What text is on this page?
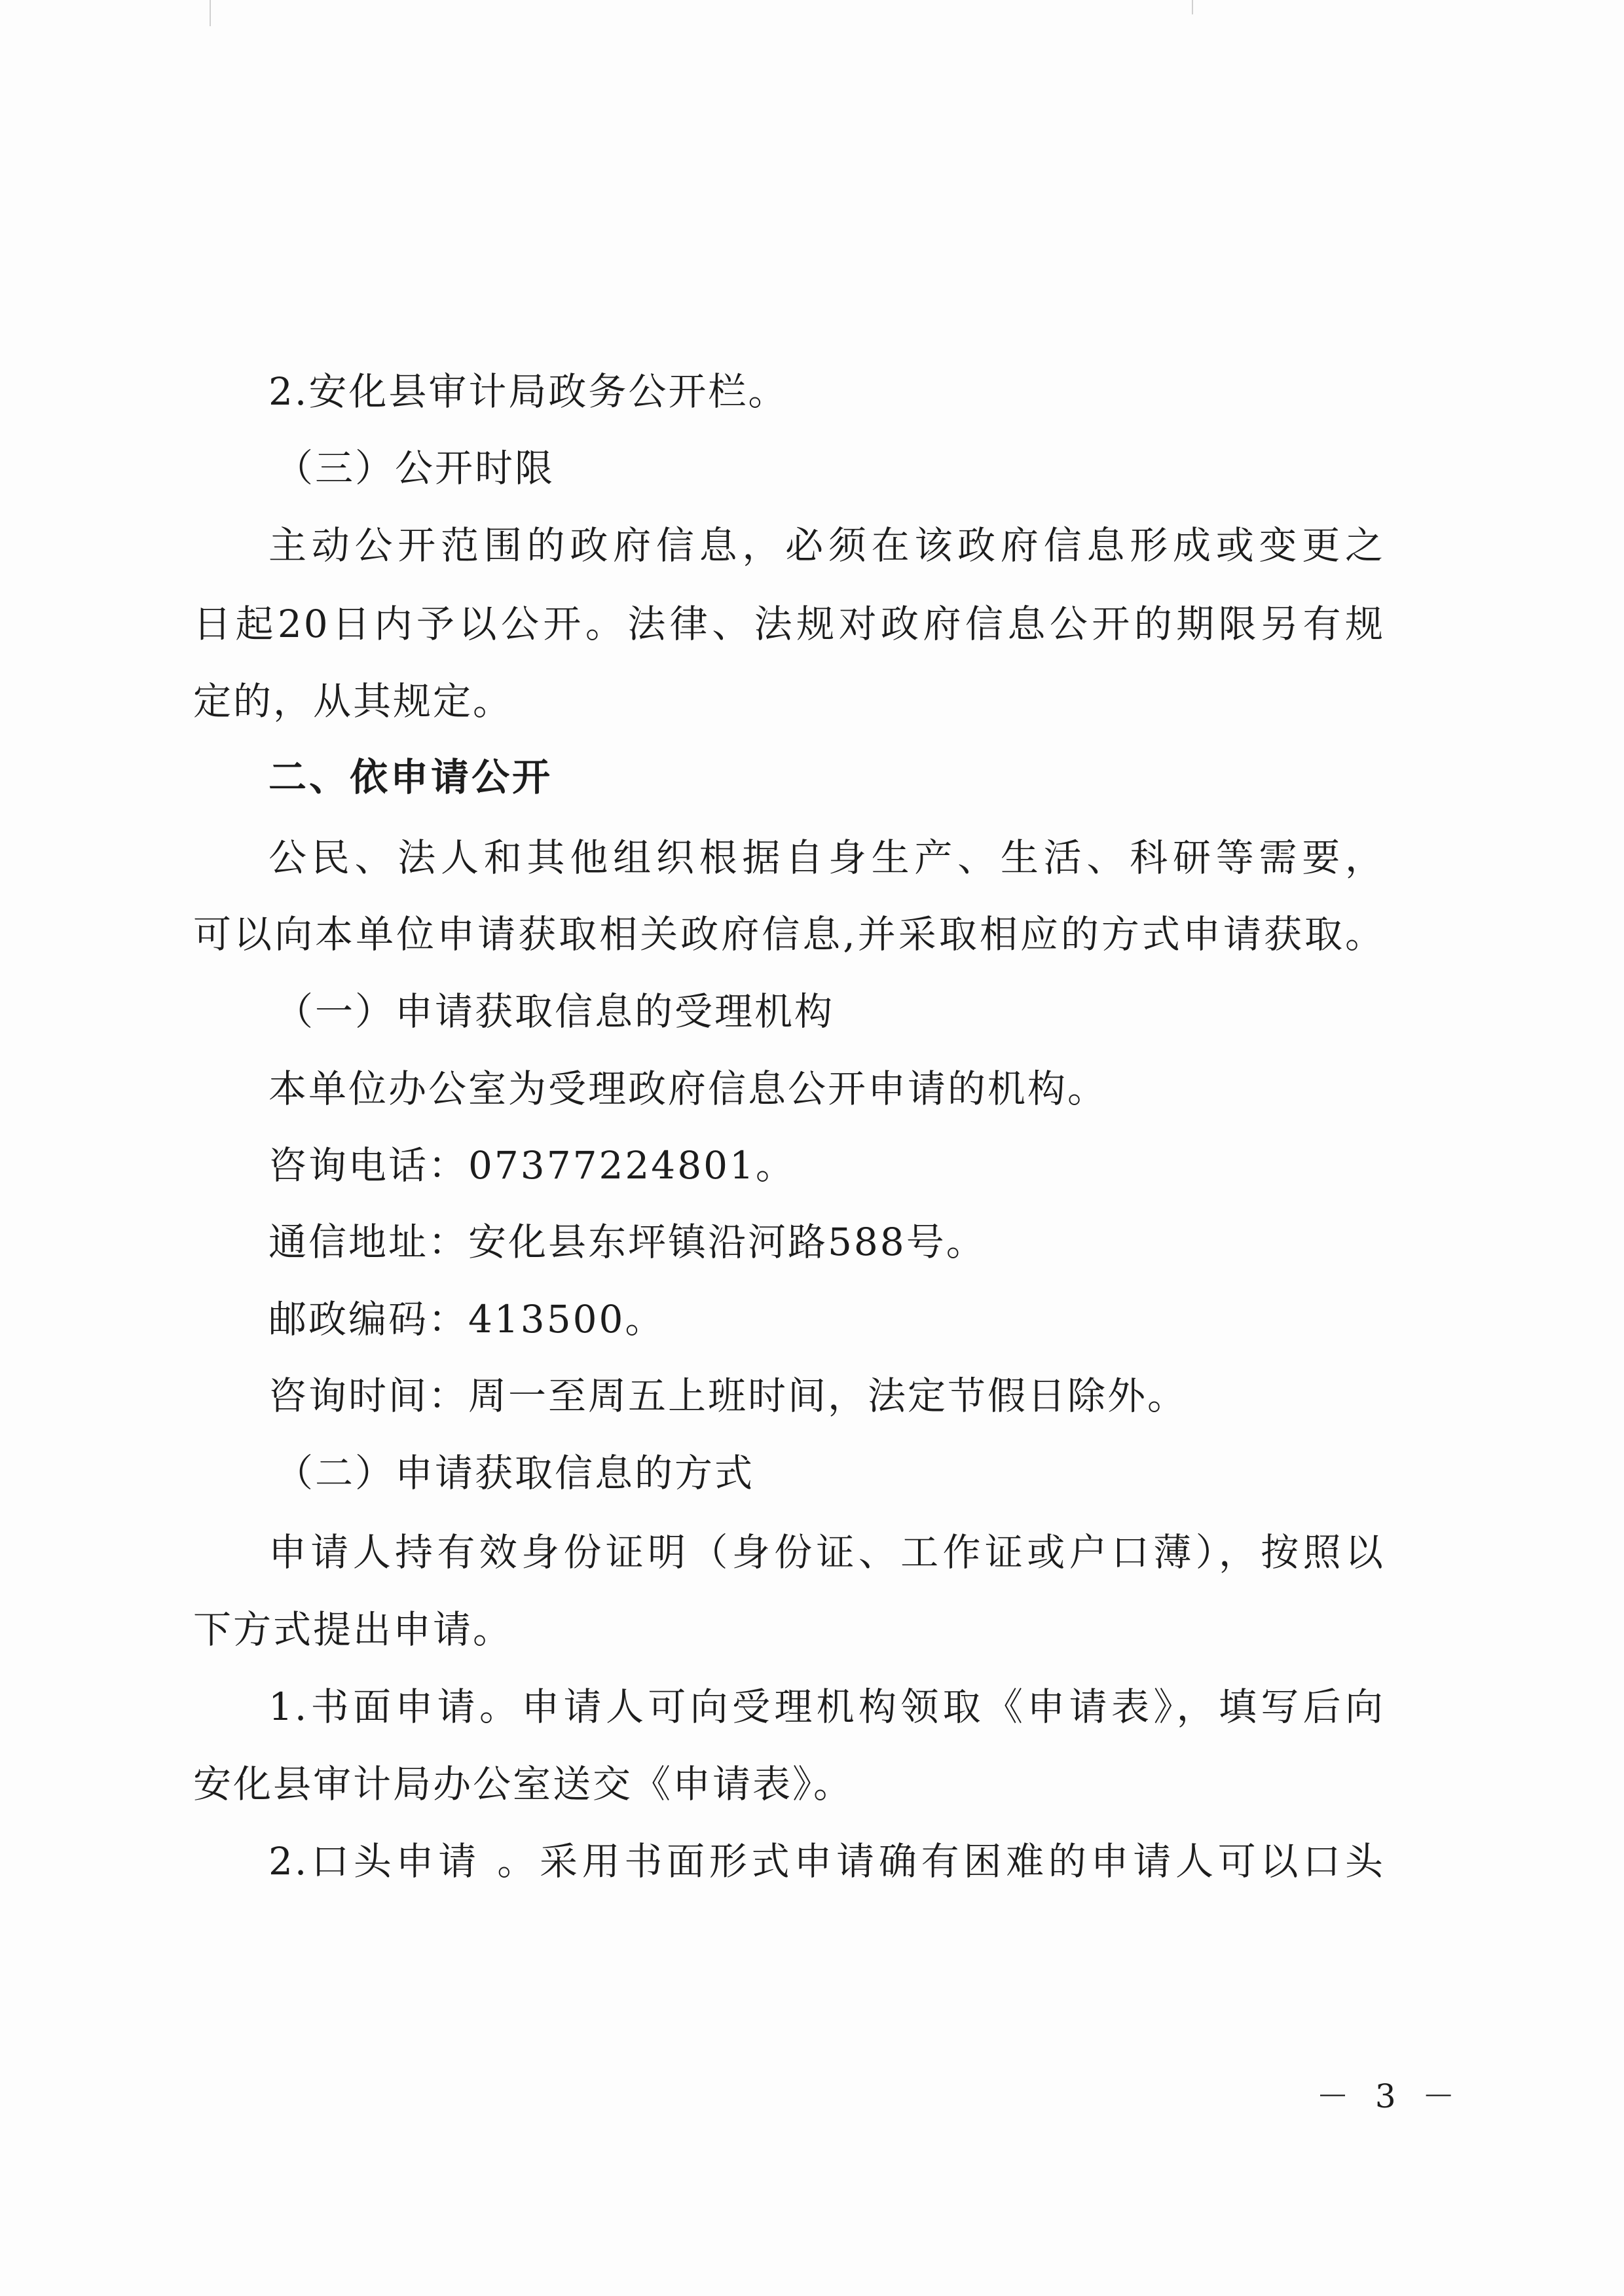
2.安化县审计局政务公开栏。
（三）公开时限
主动公开范围的政府信息，必须在该政府信息形成或变更之
日起20日内予以公开。法律、法规对政府信息公开的期限另有规
定的，从其规定。
二、依申请公开
公民、法人和其他组织根据自身生产、生活、科研等需要，
可以向本单位申请获取相关政府信息,并采取相应的方式申请获取。
（一）申请获取信息的受理机构
本单位办公室为受理政府信息公开申请的机构。
咨询电话：07377224801。
通信地址：安化县东坪镇沿河路588号。
邮政编码：413500。
咨询时间：周一至周五上班时间，法定节假日除外。
（二）申请获取信息的方式
申请人持有效身份证明（身份证、工作证或户口薄），按照以
下方式提出申请。
1.书面申请。申请人可向受理机构领取《申请表》，填写后向
安化县审计局办公室送交《申请表》。
2.口头申请 。采用书面形式申请确有困难的申请人可以口头
－ 3 －
